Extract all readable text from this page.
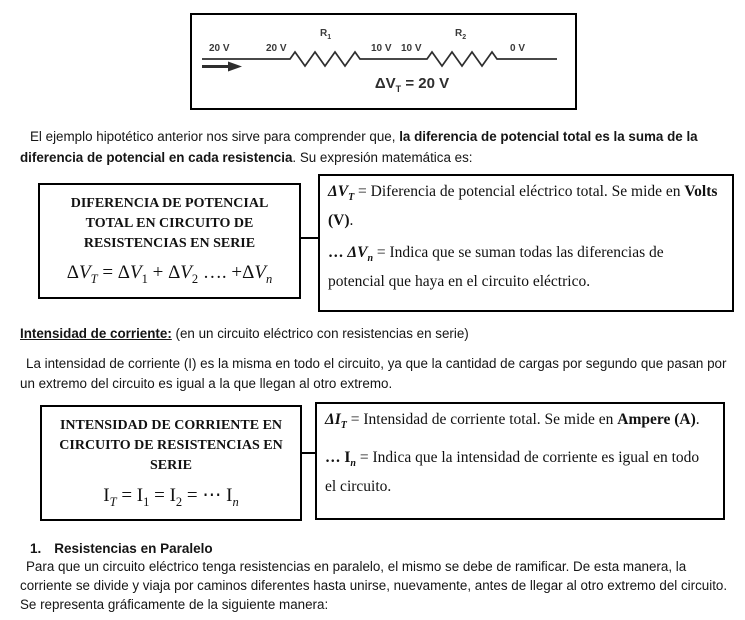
20 V	20 V
$R_1$
10 V 10 V
$R_2$
0 V
$\Delta V_T = 20$ V

El ejemplo hipotético anterior nos sirve para comprender que, la diferencia de potencial total es la suma de la diferencia de potencial en cada resistencia. Su expresión matemática es:

DIFERENCIA DE POTENCIAL
TOTAL EN CIRCUITO DE
RESISTENCIAS EN SERIE
$\Delta V_T = \Delta V_1 + \Delta V_2$ …. $+\Delta V_n$

$\Delta V_T$ = Diferencia de potencial eléctrico total. Se mide en Volts (V).

… $\Delta V_n$ = Indica que se suman todas las diferencias de potencial que haya en el circuito eléctrico.

Intensidad de corriente: (en un circuito eléctrico con resistencias en serie)

La intensidad de corriente (I) es la misma en todo el circuito, ya que la cantidad de cargas por segundo que pasan por un extremo del circuito es igual a la que llegan al otro extremo.

INTENSIDAD DE CORRIENTE EN
CIRCUITO DE RESISTENCIAS EN
SERIE
$I_T = I_1 = I_2$ = ⋯ $I_n$

$\Delta I_T$ = Intensidad de corriente total. Se mide en Ampere (A).

… $I_n$ = Indica que la intensidad de corriente es igual en todo el circuito.

1. Resistencias en Paralelo

Para que un circuito eléctrico tenga resistencias en paralelo, el mismo se debe de ramificar. De esta manera, la corriente se divide y viaja por caminos diferentes hasta unirse, nuevamente, antes de llegar al otro extremo del circuito. Se representa gráficamente de la siguiente manera:
